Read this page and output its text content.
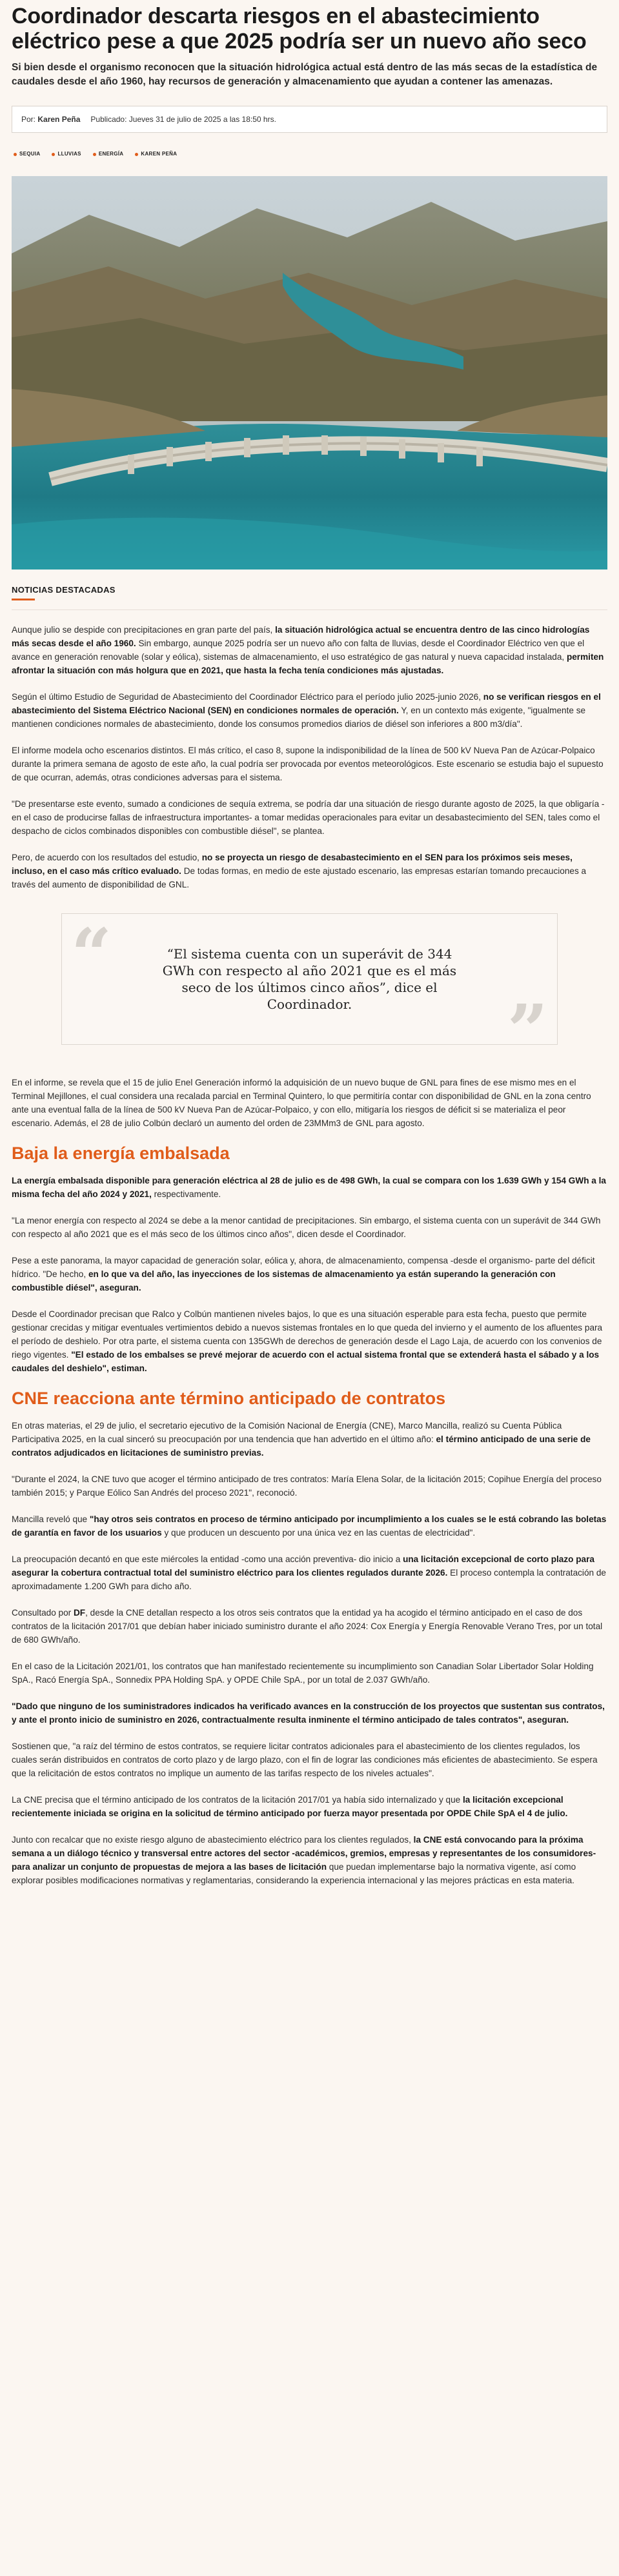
Coordinador descarta riesgos en el abastecimiento eléctrico pese a que 2025 podría ser un nuevo año seco

Si bien desde el organismo reconocen que la situación hidrológica actual está dentro de las más secas de la estadística de caudales desde el año 1960, hay recursos de generación y almacenamiento que ayudan a contener las amenazas.

Por: Karen Peña Publicado: Jueves 31 de julio de 2025 a las 18:50 hrs.
SEQUIA	LLUVIAS	ENERGÍA	KAREN PEÑA
NOTICIAS DESTACADAS

Aunque julio se despide con precipitaciones en gran parte del país, la situación hidrológica actual se encuentra dentro de las cinco hidrologías más secas desde el año 1960. Sin embargo, aunque 2025 podría ser un nuevo año con falta de lluvias, desde el Coordinador Eléctrico ven que el avance en generación renovable (solar y eólica), sistemas de almacenamiento, el uso estratégico de gas natural y nueva capacidad instalada, permiten afrontar la situación con más holgura que en 2021, que hasta la fecha tenía condiciones más ajustadas.

Según el último Estudio de Seguridad de Abastecimiento del Coordinador Eléctrico para el período julio 2025-junio 2026, no se verifican riesgos en el abastecimiento del Sistema Eléctrico Nacional (SEN) en condiciones normales de operación. Y, en un contexto más exigente, "igualmente se mantienen condiciones normales de abastecimiento, donde los consumos promedios diarios de diésel son inferiores a 800 m3/día".

El informe modela ocho escenarios distintos. El más crítico, el caso 8, supone la indisponibilidad de la línea de 500 kV Nueva Pan de Azúcar-Polpaico durante la primera semana de agosto de este año, la cual podría ser provocada por eventos meteorológicos. Este escenario se estudia bajo el supuesto de que ocurran, además, otras condiciones adversas para el sistema.

"De presentarse este evento, sumado a condiciones de sequía extrema, se podría dar una situación de riesgo durante agosto de 2025, la que obligaría -en el caso de producirse fallas de infraestructura importantes- a tomar medidas operacionales para evitar un desabastecimiento del SEN, tales como el despacho de ciclos combinados disponibles con combustible diésel", se plantea.

Pero, de acuerdo con los resultados del estudio, no se proyecta un riesgo de desabastecimiento en el SEN para los próximos seis meses, incluso, en el caso más crítico evaluado. De todas formas, en medio de este ajustado escenario, las empresas estarían tomando precauciones a través del aumento de disponibilidad de GNL.

“	“El sistema cuenta con un superávit de 344 GWh con respecto al año 2021 que es el más seco de los últimos cinco años”, dice el Coordinador.	”

En el informe, se revela que el 15 de julio Enel Generación informó la adquisición de un nuevo buque de GNL para fines de ese mismo mes en el Terminal Mejillones, el cual considera una recalada parcial en Terminal Quintero, lo que permitiría contar con disponibilidad de GNL en la zona centro ante una eventual falla de la línea de 500 kV Nueva Pan de Azúcar-Polpaico, y con ello, mitigaría los riesgos de déficit si se materializa el peor escenario. Además, el 28 de julio Colbún declaró un aumento del orden de 23MMm3 de GNL para agosto.

Baja la energía embalsada

La energía embalsada disponible para generación eléctrica al 28 de julio es de 498 GWh, la cual se compara con los 1.639 GWh y 154 GWh a la misma fecha del año 2024 y 2021, respectivamente.

"La menor energía con respecto al 2024 se debe a la menor cantidad de precipitaciones. Sin embargo, el sistema cuenta con un superávit de 344 GWh con respecto al año 2021 que es el más seco de los últimos cinco años", dicen desde el Coordinador.

Pese a este panorama, la mayor capacidad de generación solar, eólica y, ahora, de almacenamiento, compensa -desde el organismo- parte del déficit hídrico. "De hecho, en lo que va del año, las inyecciones de los sistemas de almacenamiento ya están superando la generación con combustible diésel", aseguran.

Desde el Coordinador precisan que Ralco y Colbún mantienen niveles bajos, lo que es una situación esperable para esta fecha, puesto que permite gestionar crecidas y mitigar eventuales vertimientos debido a nuevos sistemas frontales en lo que queda del invierno y el aumento de los afluentes para el período de deshielo. Por otra parte, el sistema cuenta con 135GWh de derechos de generación desde el Lago Laja, de acuerdo con los convenios de riego vigentes. "El estado de los embalses se prevé mejorar de acuerdo con el actual sistema frontal que se extenderá hasta el sábado y a los caudales del deshielo", estiman.

CNE reacciona ante término anticipado de contratos

En otras materias, el 29 de julio, el secretario ejecutivo de la Comisión Nacional de Energía (CNE), Marco Mancilla, realizó su Cuenta Pública Participativa 2025, en la cual sinceró su preocupación por una tendencia que han advertido en el último año: el término anticipado de una serie de contratos adjudicados en licitaciones de suministro previas.

"Durante el 2024, la CNE tuvo que acoger el término anticipado de tres contratos: María Elena Solar, de la licitación 2015; Copihue Energía del proceso también 2015; y Parque Eólico San Andrés del proceso 2021", reconoció.

Mancilla reveló que "hay otros seis contratos en proceso de término anticipado por incumplimiento a los cuales se le está cobrando las boletas de garantía en favor de los usuarios y que producen un descuento por una única vez en las cuentas de electricidad".

La preocupación decantó en que este miércoles la entidad -como una acción preventiva- dio inicio a una licitación excepcional de corto plazo para asegurar la cobertura contractual total del suministro eléctrico para los clientes regulados durante 2026. El proceso contempla la contratación de aproximadamente 1.200 GWh para dicho año.

Consultado por DF, desde la CNE detallan respecto a los otros seis contratos que la entidad ya ha acogido el término anticipado en el caso de dos contratos de la licitación 2017/01 que debían haber iniciado suministro durante el año 2024: Cox Energía y Energía Renovable Verano Tres, por un total de 680 GWh/año.

En el caso de la Licitación 2021/01, los contratos que han manifestado recientemente su incumplimiento son Canadian Solar Libertador Solar Holding SpA., Racó Energía SpA., Sonnedix PPA Holding SpA. y OPDE Chile SpA., por un total de 2.037 GWh/año.

"Dado que ninguno de los suministradores indicados ha verificado avances en la construcción de los proyectos que sustentan sus contratos, y ante el pronto inicio de suministro en 2026, contractualmente resulta inminente el término anticipado de tales contratos", aseguran.

Sostienen que, "a raíz del término de estos contratos, se requiere licitar contratos adicionales para el abastecimiento de los clientes regulados, los cuales serán distribuidos en contratos de corto plazo y de largo plazo, con el fin de lograr las condiciones más eficientes de abastecimiento. Se espera que la relicitación de estos contratos no implique un aumento de las tarifas respecto de los niveles actuales".

La CNE precisa que el término anticipado de los contratos de la licitación 2017/01 ya había sido internalizado y que la licitación excepcional recientemente iniciada se origina en la solicitud de término anticipado por fuerza mayor presentada por OPDE Chile SpA el 4 de julio.

Junto con recalcar que no existe riesgo alguno de abastecimiento eléctrico para los clientes regulados, la CNE está convocando para la próxima semana a un diálogo técnico y transversal entre actores del sector -académicos, gremios, empresas y representantes de los consumidores- para analizar un conjunto de propuestas de mejora a las bases de licitación que puedan implementarse bajo la normativa vigente, así como explorar posibles modificaciones normativas y reglamentarias, considerando la experiencia internacional y las mejores prácticas en esta materia.
